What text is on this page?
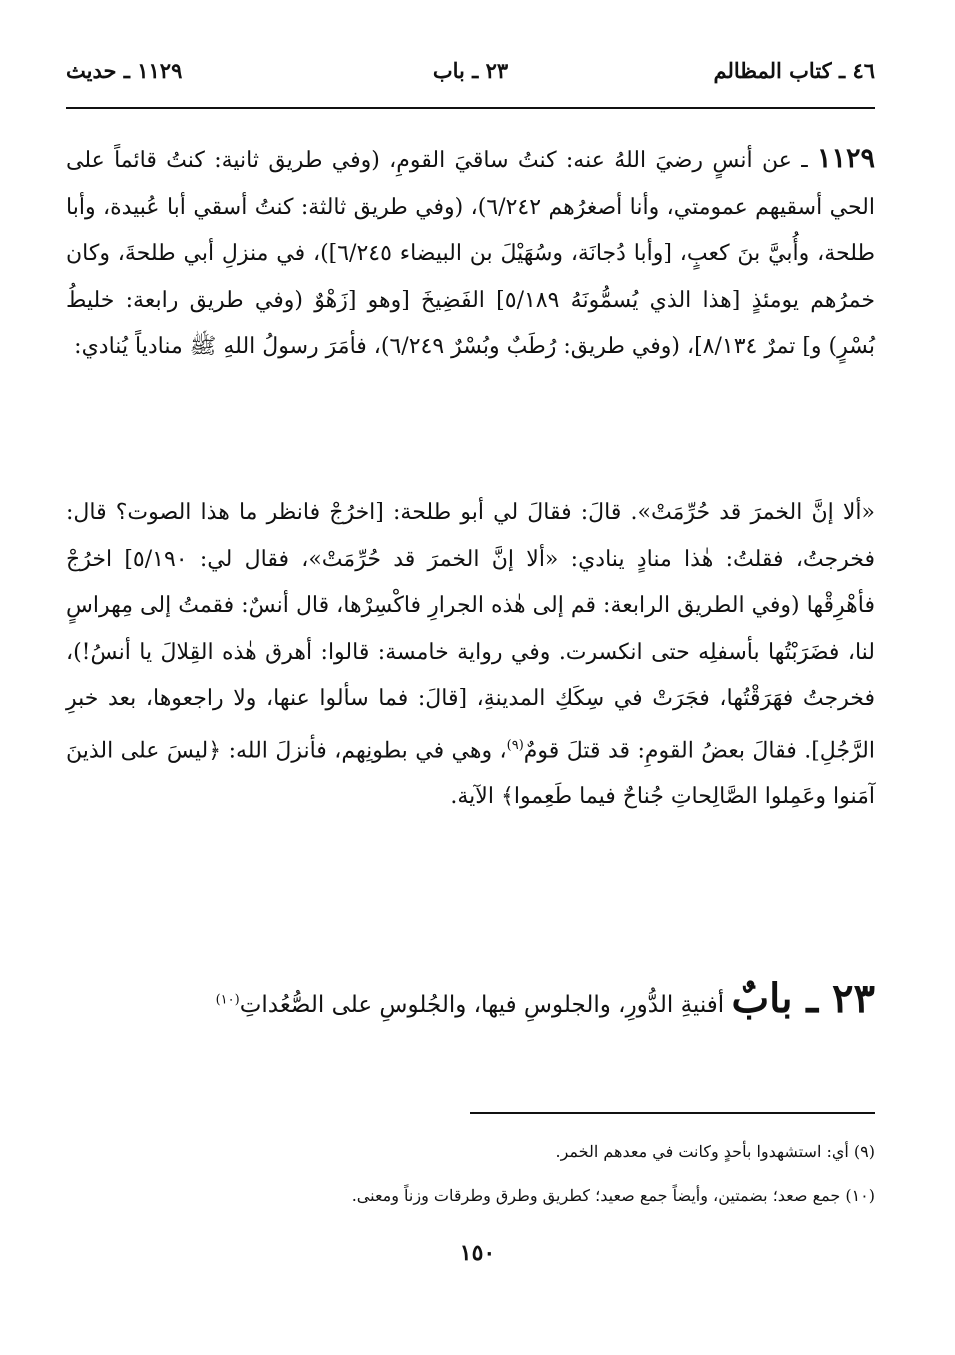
٤٦ ـ كتاب المظالم
٢٣ ـ باب
١١٢٩ ـ حديث

١١٢٩ ـ عن أنسٍ رضيَ اللهُ عنه: كنتُ ساقيَ القومِ، (وفي طريق ثانية: كنتُ قائماً على الحي أسقيهم عمومتي، وأنا أصغرُهم ٦/٢٤٢)، (وفي طريق ثالثة: كنتُ أسقي أبا عُبيدة، وأبا طلحة، وأُبيَّ بنَ كعبٍ، [وأبا دُجانَة، وسُهَيْلَ بن البيضاء ٦/٢٤٥])، في منزلِ أبي طلحةَ، وكان خمرُهم يومئذٍ [هذا الذي يُسمُّونَهُ ٥/١٨٩] الفَضِيخَ [وهو [زَهْوٌ (وفي طريق رابعة: خليطُ بُسْرٍ) و] تمرٌ ٨/١٣٤]، (وفي طريق: رُطَبٌ وبُسْرٌ ٦/٢٤٩)، فأمَرَ رسولُ اللهِ ﷺ منادياً يُنادي:

«ألا إنَّ الخمرَ قد حُرِّمَتْ». قالَ: فقالَ لي أبو طلحة: [اخرُجْ فانظر ما هذا الصوت؟ قال: فخرجتُ، فقلتُ: هٰذا منادٍ ينادي: «ألا إنَّ الخمرَ قد حُرِّمَتْ»، فقال لي: ٥/١٩٠] اخرُجْ فأهْرِقْها (وفي الطريق الرابعة: قم إلى هٰذه الجرارِ فاكْسِرْها، قال أنسٌ: فقمتُ إلى مِهراسٍ لنا، فضَرَبْتُها بأسفلِه حتى انكسرت. وفي رواية خامسة: قالوا: أهرق هٰذه القِلالَ يا أنسُ!)، فخرجتُ فهَرَقْتُها، فجَرَتْ في سِكَكِ المدينةِ، [قالَ: فما سألوا عنها، ولا راجعوها، بعد خبرِ الرَّجُلِ]. فقالَ بعضُ القومِ: قد قتلَ قومٌ$^{(٩)}$، وهي في بطونِهم، فأنزلَ الله: ﴿ليسَ على الذينَ آمَنوا وعَمِلوا الصَّالِحاتِ جُناحٌ فيما طَعِموا﴾ الآية.

٢٣ ـ بابٌ أفنيةِ الدُّورِ، والجلوسِ فيها، والجُلوسِ على الصُّعُداتِ$^{(١٠)}$

(٩) أي: استشهدوا بأحدٍ وكانت في معدهم الخمر.

(١٠) جمع صعد؛ بضمتين، وأيضاً جمع صعيد؛ كطريق وطرق وطرقات وزناً ومعنى.

١٥٠
